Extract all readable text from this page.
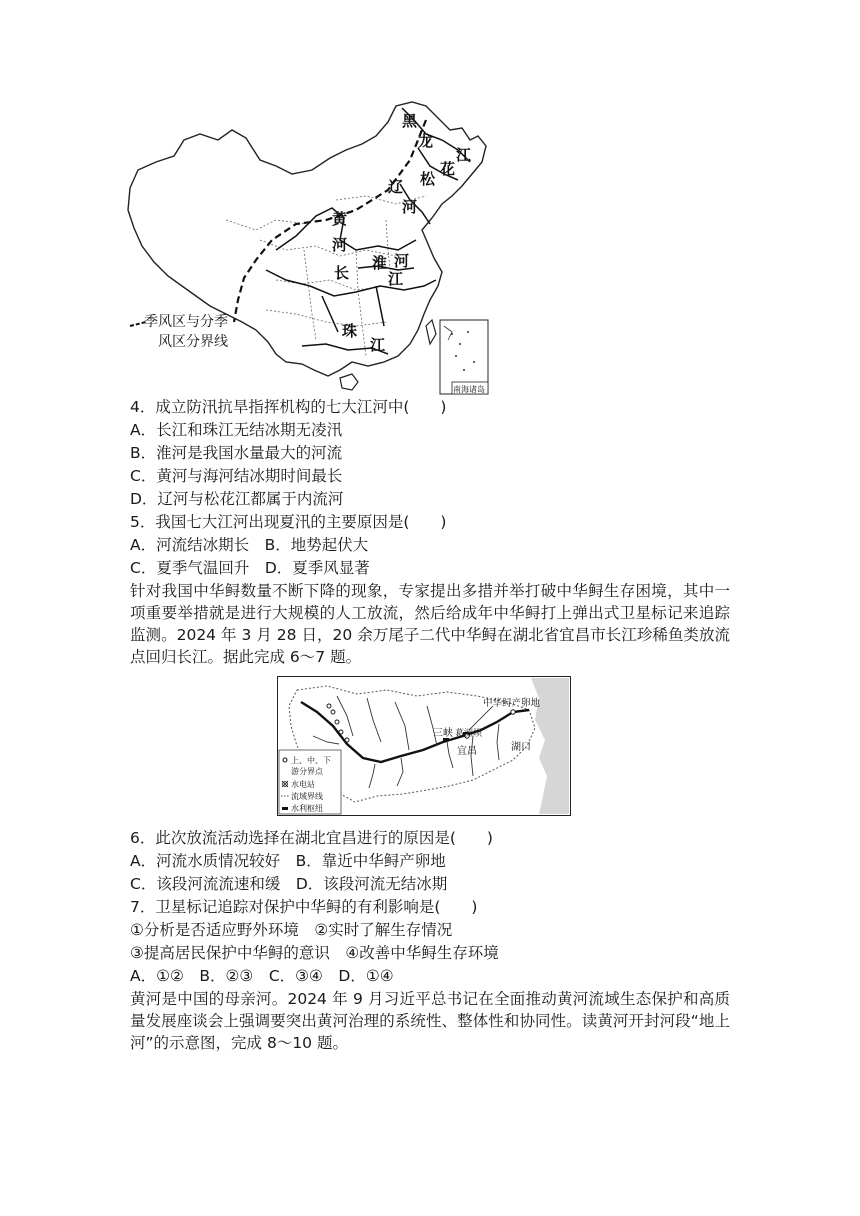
黑
龙
江
松
花
辽
河
黄
河
淮 河
长	江
珠
江
季风区与分季
风区分界线
南海诸岛
4．成立防汛抗旱指挥机构的七大江河中(　　)
A．长江和珠江无结冰期无凌汛
B．淮河是我国水量最大的河流
C．黄河与海河结冰期时间最长
D．辽河与松花江都属于内流河
5．我国七大江河出现夏汛的主要原因是(　　)
A．河流结冰期长　B．地势起伏大
C．夏季气温回升　D．夏季风显著
针对我国中华鲟数量不断下降的现象，专家提出多措并举打破中华鲟生存困境，其中一项重要举措就是进行大规模的人工放流，然后给成年中华鲟打上弹出式卫星标记来追踪监测。2024 年 3 月 28 日，20 余万尾子二代中华鲟在湖北省宜昌市长江珍稀鱼类放流点回归长江。据此完成 6～7 题。
中华鲟产卵地
三峡 葛洲坝
宜昌	湖口
上、中、下
游分界点
水电站
流域界线
水利枢纽
6．此次放流活动选择在湖北宜昌进行的原因是(　　)
A．河流水质情况较好　B．靠近中华鲟产卵地
C．该段河流流速和缓　D．该段河流无结冰期
7．卫星标记追踪对保护中华鲟的有利影响是(　　)
①分析是否适应野外环境　②实时了解生存情况
③提高居民保护中华鲟的意识　④改善中华鲟生存环境
A．①②　B．②③　C．③④　D．①④
黄河是中国的母亲河。2024 年 9 月习近平总书记在全面推动黄河流域生态保护和高质量发展座谈会上强调要突出黄河治理的系统性、整体性和协同性。读黄河开封河段“地上河”的示意图，完成 8～10 题。
